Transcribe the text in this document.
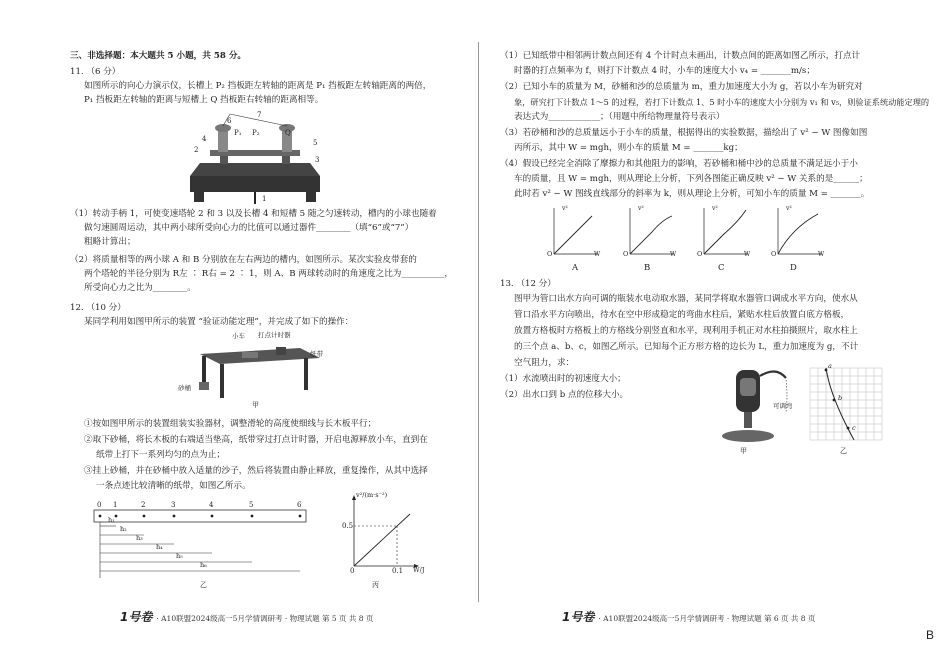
三、非选择题：本大题共 5 小题，共 58 分。
11. （6 分）
如图所示的向心力演示仪，长槽上 P₂ 挡板距左转轴的距离是 P₁ 挡板距左转轴距离的两倍，
P₁ 挡板距左转轴的距离与短槽上 Q 挡板距右转轴的距离相等。
7
6
P₁ P₂	Q
4	5
2
3
1
（1）转动手柄 1，可使变速塔轮 2 和 3 以及长槽 4 和短槽 5 随之匀速转动，槽内的小球也随着
做匀速圆周运动，其中两小球所受向心力的比值可以通过器件________（填“6”或“7”）
粗略计算出；
（2）将质量相等的两小球 A 和 B 分别放在左右两边的槽内，如图所示。某次实验皮带套的
两个塔轮的半径分别为 R左 ∶ R右 = 2 ∶ 1，则 A、B 两球转动时的角速度之比为__________，
所受向心力之比为________。
12. （10 分）
某同学利用如图甲所示的装置 “验证动能定理”，并完成了如下的操作：
小车 打点计时器
纸带
砂桶
甲
①按如图甲所示的装置组装实验器材，调整滑轮的高度使细线与长木板平行；
②取下砂桶，将长木板的右端适当垫高，纸带穿过打点计时器，开启电源释放小车，直到在
纸带上打下一系列均匀的点为止；
③挂上砂桶，并在砂桶中放入适量的沙子，然后将装置由静止释放，重复操作，从其中选择
一条点迹比较清晰的纸带，如图乙所示。
0 1	2	3	4	5	6
h₁
h₂
h₃
h₄
h₅
h₆
乙
v²/(m·s⁻²)
0.5
0	0.1 W/J
丙
1号卷 · A10联盟2024级高一5月学情调研考 · 物理试题 第 5 页 共 8 页
（1）已知纸带中相邻两计数点间还有 4 个计时点未画出，计数点间的距离如图乙所示，打点计
时器的打点频率为 f，则打下计数点 4 时，小车的速度大小 v₄ = _______m/s；
（2）已知小车的质量为 M，砂桶和沙的总质量为 m，重力加速度大小为 g，若以小车为研究对
象，研究打下计数点 1～5 的过程，若打下计数点 1、5 时小车的速度大小分别为 v₁ 和 v₅，则验证系统动能定理的
表达式为____________；（用题中所给物理量符号表示）
（3）若砂桶和沙的总质量远小于小车的质量，根据得出的实验数据，描绘出了 v² − W 图像如图
丙所示，其中 W = mgh，则小车的质量 M = _______kg；
（4）假设已经完全消除了摩擦力和其他阻力的影响，若砂桶和桶中沙的总质量不满足远小于小
车的质量，且 W = mgh，则从理论上分析，下列各图能正确反映 v² − W 关系的是______；
此时若 v² − W 图线直线部分的斜率为 k，则从理论上分析，可知小车的质量 M = _______。
v²	v²	v²	v²
O	O	O	O
W	W	W	W
A	B	C	D
13. （12 分）
图甲为管口出水方向可调的瓶装水电动取水器，某同学将取水器管口调成水平方向，使水从
管口沿水平方向喷出，待水在空中形成稳定的弯曲水柱后，紧贴水柱后放置白底方格板，
放置方格板时方格板上的方格线分别竖直和水平，现利用手机正对水柱拍摄照片，取水柱上
的三个点 a、b、c，如图乙所示。已知每个正方形方格的边长为 L，重力加速度为 g，不计
空气阻力，求：
（1）水流喷出时的初速度大小；
（2）出水口到 b 点的位移大小。
可调弯
甲
a
b
c
乙
1号卷 · A10联盟2024级高一5月学情调研考 · 物理试题 第 6 页 共 8 页
B
